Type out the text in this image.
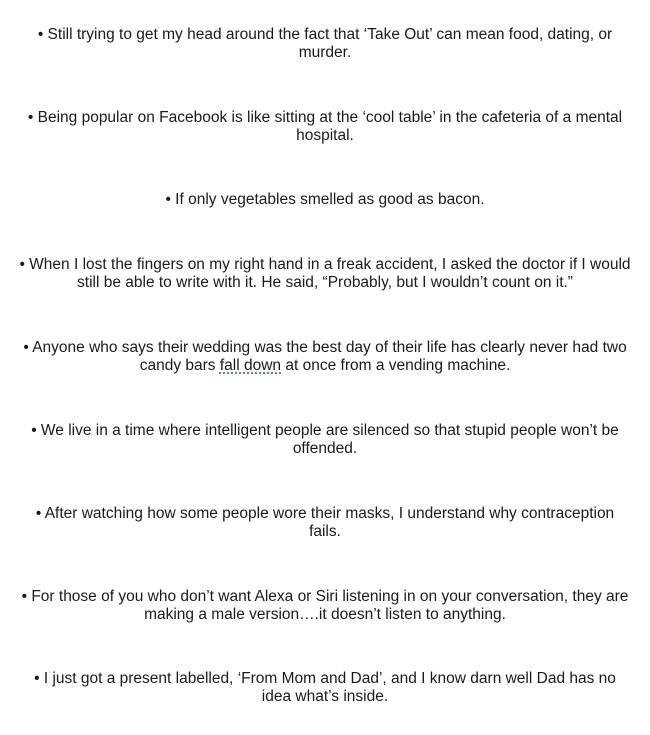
• Still trying to get my head around the fact that ‘Take Out’ can mean food, dating, or murder.

• Being popular on Facebook is like sitting at the ‘cool table’ in the cafeteria of a mental hospital.

• If only vegetables smelled as good as bacon.

• When I lost the fingers on my right hand in a freak accident, I asked the doctor if I would still be able to write with it. He said, “Probably, but I wouldn’t count on it.”

• Anyone who says their wedding was the best day of their life has clearly never had two candy bars fall down at once from a vending machine.

• We live in a time where intelligent people are silenced so that stupid people won’t be offended.

• After watching how some people wore their masks, I understand why contraception fails.

• For those of you who don’t want Alexa or Siri listening in on your conversation, they are making a male version….it doesn’t listen to anything.

• I just got a present labelled, ‘From Mom and Dad’, and I know darn well Dad has no idea what’s inside.
